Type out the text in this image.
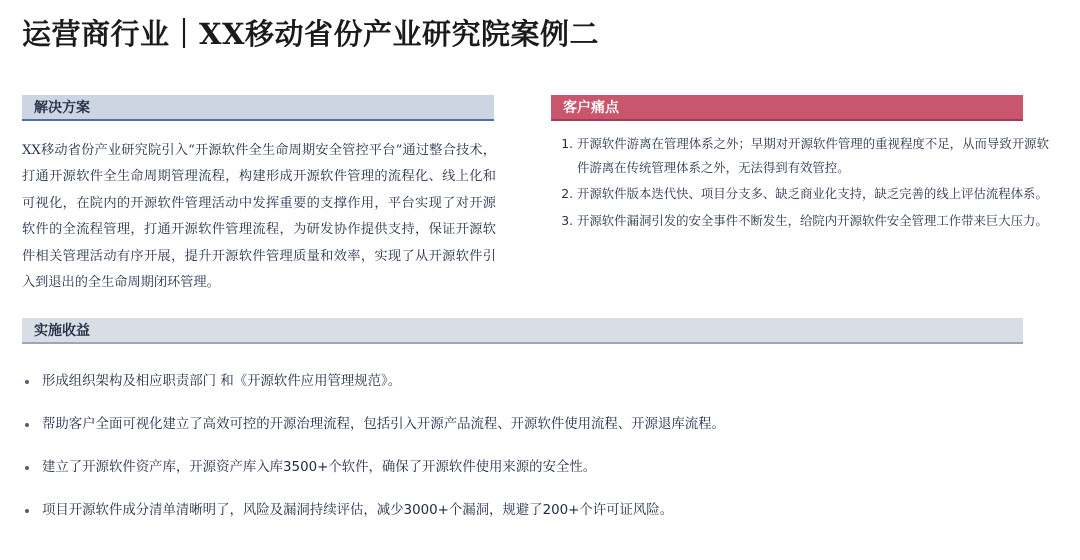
运营商行业｜XX移动省份产业研究院案例二
解决方案
XX移动省份产业研究院引入“开源软件全生命周期安全管控平台”通过整合技术，打通开源软件全生命周期管理流程，构建形成开源软件管理的流程化、线上化和可视化，在院内的开源软件管理活动中发挥重要的支撑作用，平台实现了对开源软件的全流程管理，打通开源软件管理流程，为研发协作提供支持，保证开源软件相关管理活动有序开展，提升开源软件管理质量和效率，实现了从开源软件引入到退出的全生命周期闭环管理。
客户痛点
1. 开源软件游离在管理体系之外；早期对开源软件管理的重视程度不足，从而导致开源软件游离在传统管理体系之外，无法得到有效管控。
2. 开源软件版本迭代快、项目分支多、缺乏商业化支持，缺乏完善的线上评估流程体系。
3. 开源软件漏洞引发的安全事件不断发生，给院内开源软件安全管理工作带来巨大压力。
实施收益
形成组织架构及相应职责部门 和《开源软件应用管理规范》。
帮助客户全面可视化建立了高效可控的开源治理流程，包括引入开源产品流程、开源软件使用流程、开源退库流程。
建立了开源软件资产库，开源资产库入库3500+个软件，确保了开源软件使用来源的安全性。
项目开源软件成分清单清晰明了，风险及漏洞持续评估，减少3000+个漏洞，规避了200+个许可证风险。
